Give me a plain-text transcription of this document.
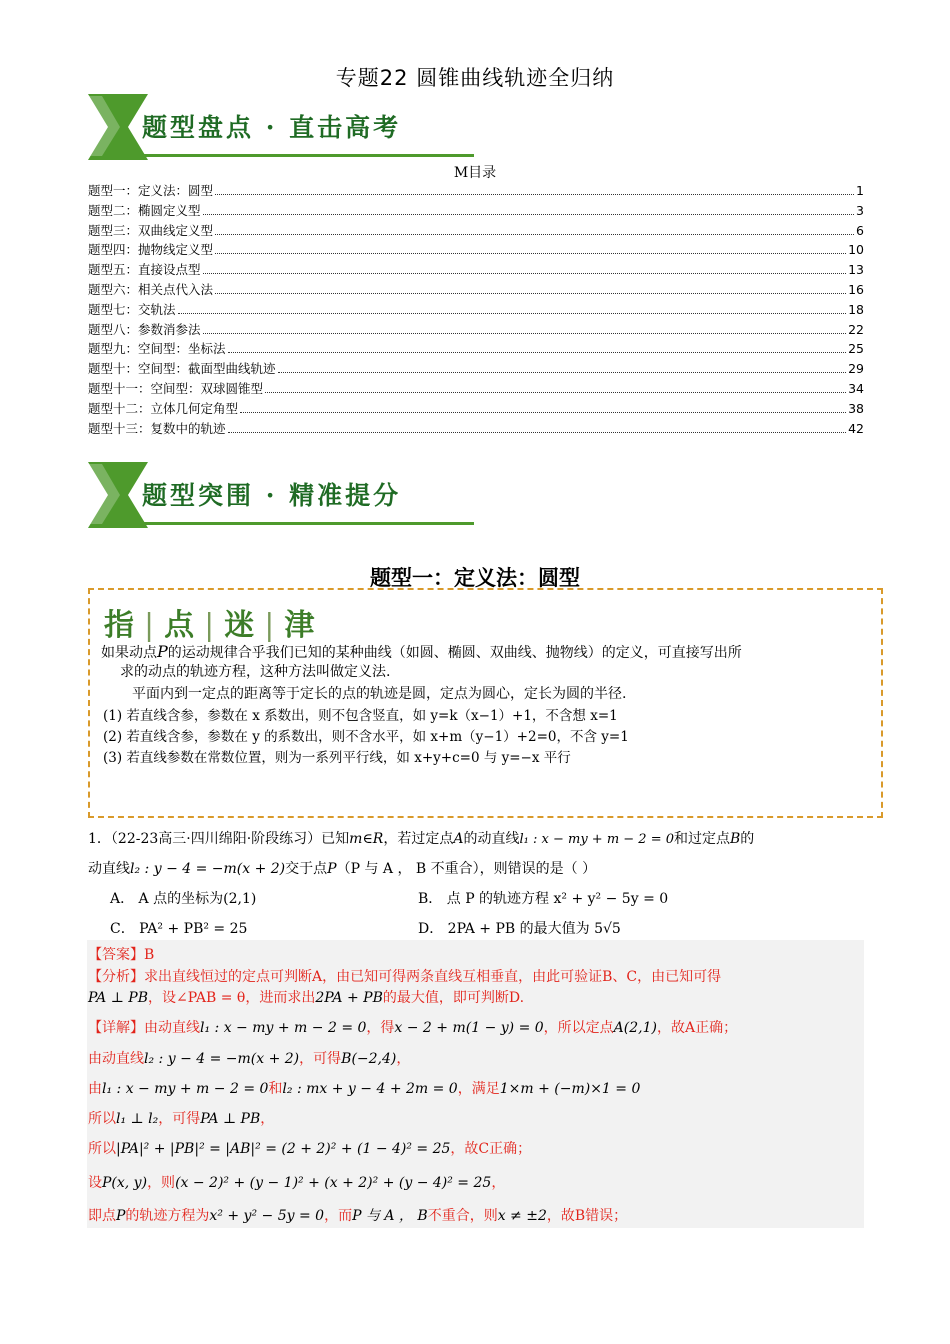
专题22 圆锥曲线轨迹全归纳
题型盘点 · 直击高考
M目录
题型一：定义法：圆型	1
题型二：椭圆定义型	3
题型三：双曲线定义型	6
题型四：抛物线定义型	10
题型五：直接设点型	13
题型六：相关点代入法	16
题型七：交轨法	18
题型八：参数消参法	22
题型九：空间型：坐标法	25
题型十：空间型：截面型曲线轨迹	29
题型十一：空间型：双球圆锥型	34
题型十二：立体几何定角型	38
题型十三：复数中的轨迹	42
题型突围 · 精准提分
题型一：定义法：圆型
指 | 点 | 迷 | 津
如果动点P的运动规律合乎我们已知的某种曲线（如圆、椭圆、双曲线、抛物线）的定义，可直接写出所
求的动点的轨迹方程，这种方法叫做定义法.
平面内到一定点的距离等于定长的点的轨迹是圆，定点为圆心，定长为圆的半径.
(1) 若直线含参，参数在 x 系数出，则不包含竖直，如 y=k（x−1）+1，不含想 x=1
(2) 若直线含参，参数在 y 的系数出，则不含水平，如 x+m（y−1）+2=0，不含 y=1
(3) 若直线参数在常数位置，则为一系列平行线，如 x+y+c=0 与 y=−x 平行
1．（22-23高三·四川绵阳·阶段练习）已知m∈R，若过定点A的动直线l₁ : x − my + m − 2 = 0和过定点B的
动直线l₂ : y − 4 = −m(x + 2)交于点P（P 与 A ， B 不重合），则错误的是（ ）
A． A 点的坐标为(2,1)	B． 点 P 的轨迹方程 x² + y² − 5y = 0
C． PA² + PB² = 25	D． 2PA + PB 的最大值为 5√5
【答案】B
【分析】求出直线恒过的定点可判断A，由已知可得两条直线互相垂直，由此可验证B、C，由已知可得
PA ⊥ PB，设∠PAB = θ，进而求出2PA + PB的最大值，即可判断D.
【详解】由动直线l₁ : x − my + m − 2 = 0，得x − 2 + m(1 − y) = 0，所以定点A(2,1)，故A正确；
由动直线l₂ : y − 4 = −m(x + 2)，可得B(−2,4)，
由l₁ : x − my + m − 2 = 0和l₂ : mx + y − 4 + 2m = 0，满足1×m + (−m)×1 = 0
所以l₁ ⊥ l₂，可得PA ⊥ PB，
所以|PA|² + |PB|² = |AB|² = (2 + 2)² + (1 − 4)² = 25，故C正确；
设P(x, y)，则(x − 2)² + (y − 1)² + (x + 2)² + (y − 4)² = 25，
即点P的轨迹方程为x² + y² − 5y = 0，而P 与 A ， B不重合，则x ≠ ±2，故B错误；
